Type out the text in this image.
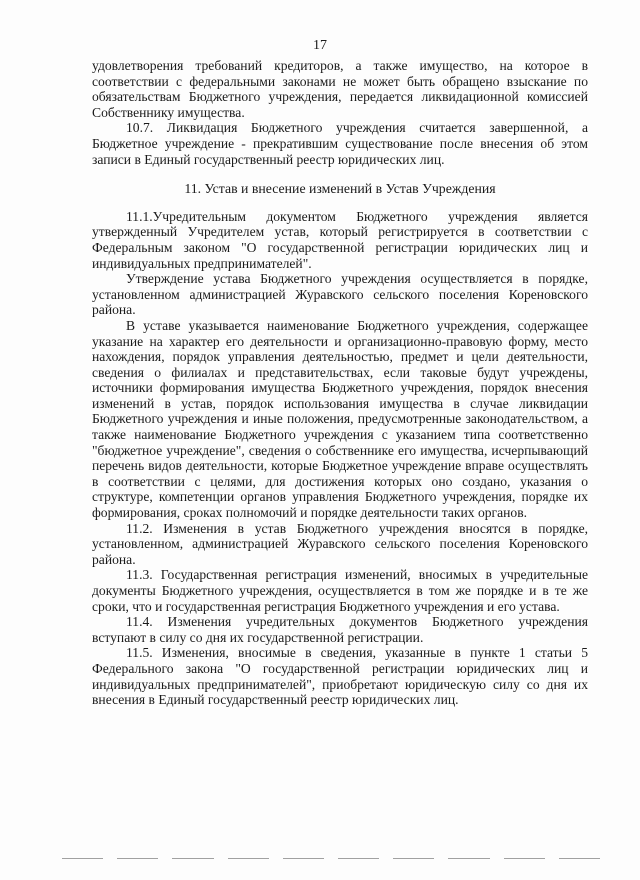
17

удовлетворения требований кредиторов, а также имущество, на которое в соответствии с федеральными законами не может быть обращено взыскание по обязательствам Бюджетного учреждения, передается ликвидационной комиссией Собственнику имущества.

10.7. Ликвидация Бюджетного учреждения считается завершенной, а Бюджетное учреждение - прекратившим существование после внесения об этом записи в Единый государственный реестр юридических лиц.

11. Устав и внесение изменений в Устав Учреждения

11.1.Учредительным документом Бюджетного учреждения является утвержденный Учредителем устав, который регистрируется в соответствии с Федеральным законом "О государственной регистрации юридических лиц и индивидуальных предпринимателей".

Утверждение устава Бюджетного учреждения осуществляется в порядке, установленном администрацией Журавского сельского поселения Кореновского района.

В уставе указывается наименование Бюджетного учреждения, содержащее указание на характер его деятельности и организационно-правовую форму, место нахождения, порядок управления деятельностью, предмет и цели деятельности, сведения о филиалах и представительствах, если таковые будут учреждены, источники формирования имущества Бюджетного учреждения, порядок внесения изменений в устав, порядок использования имущества в случае ликвидации Бюджетного учреждения и иные положения, предусмотренные законодательством, а также наименование Бюджетного учреждения с указанием типа соответственно "бюджетное учреждение", сведения о собственнике его имущества, исчерпывающий перечень видов деятельности, которые Бюджетное учреждение вправе осуществлять в соответствии с целями, для достижения которых оно создано, указания о структуре, компетенции органов управления Бюджетного учреждения, порядке их формирования, сроках полномочий и порядке деятельности таких органов.

11.2. Изменения в устав Бюджетного учреждения вносятся в порядке, установленном, администрацией Журавского сельского поселения Кореновского района.

11.3. Государственная регистрация изменений, вносимых в учредительные документы Бюджетного учреждения, осуществляется в том же порядке и в те же сроки, что и государственная регистрация Бюджетного учреждения и его устава.

11.4. Изменения учредительных документов Бюджетного учреждения вступают в силу со дня их государственной регистрации.

11.5. Изменения, вносимые в сведения, указанные в пункте 1 статьи 5 Федерального закона "О государственной регистрации юридических лиц и индивидуальных предпринимателей", приобретают юридическую силу со дня их внесения в Единый государственный реестр юридических лиц.
